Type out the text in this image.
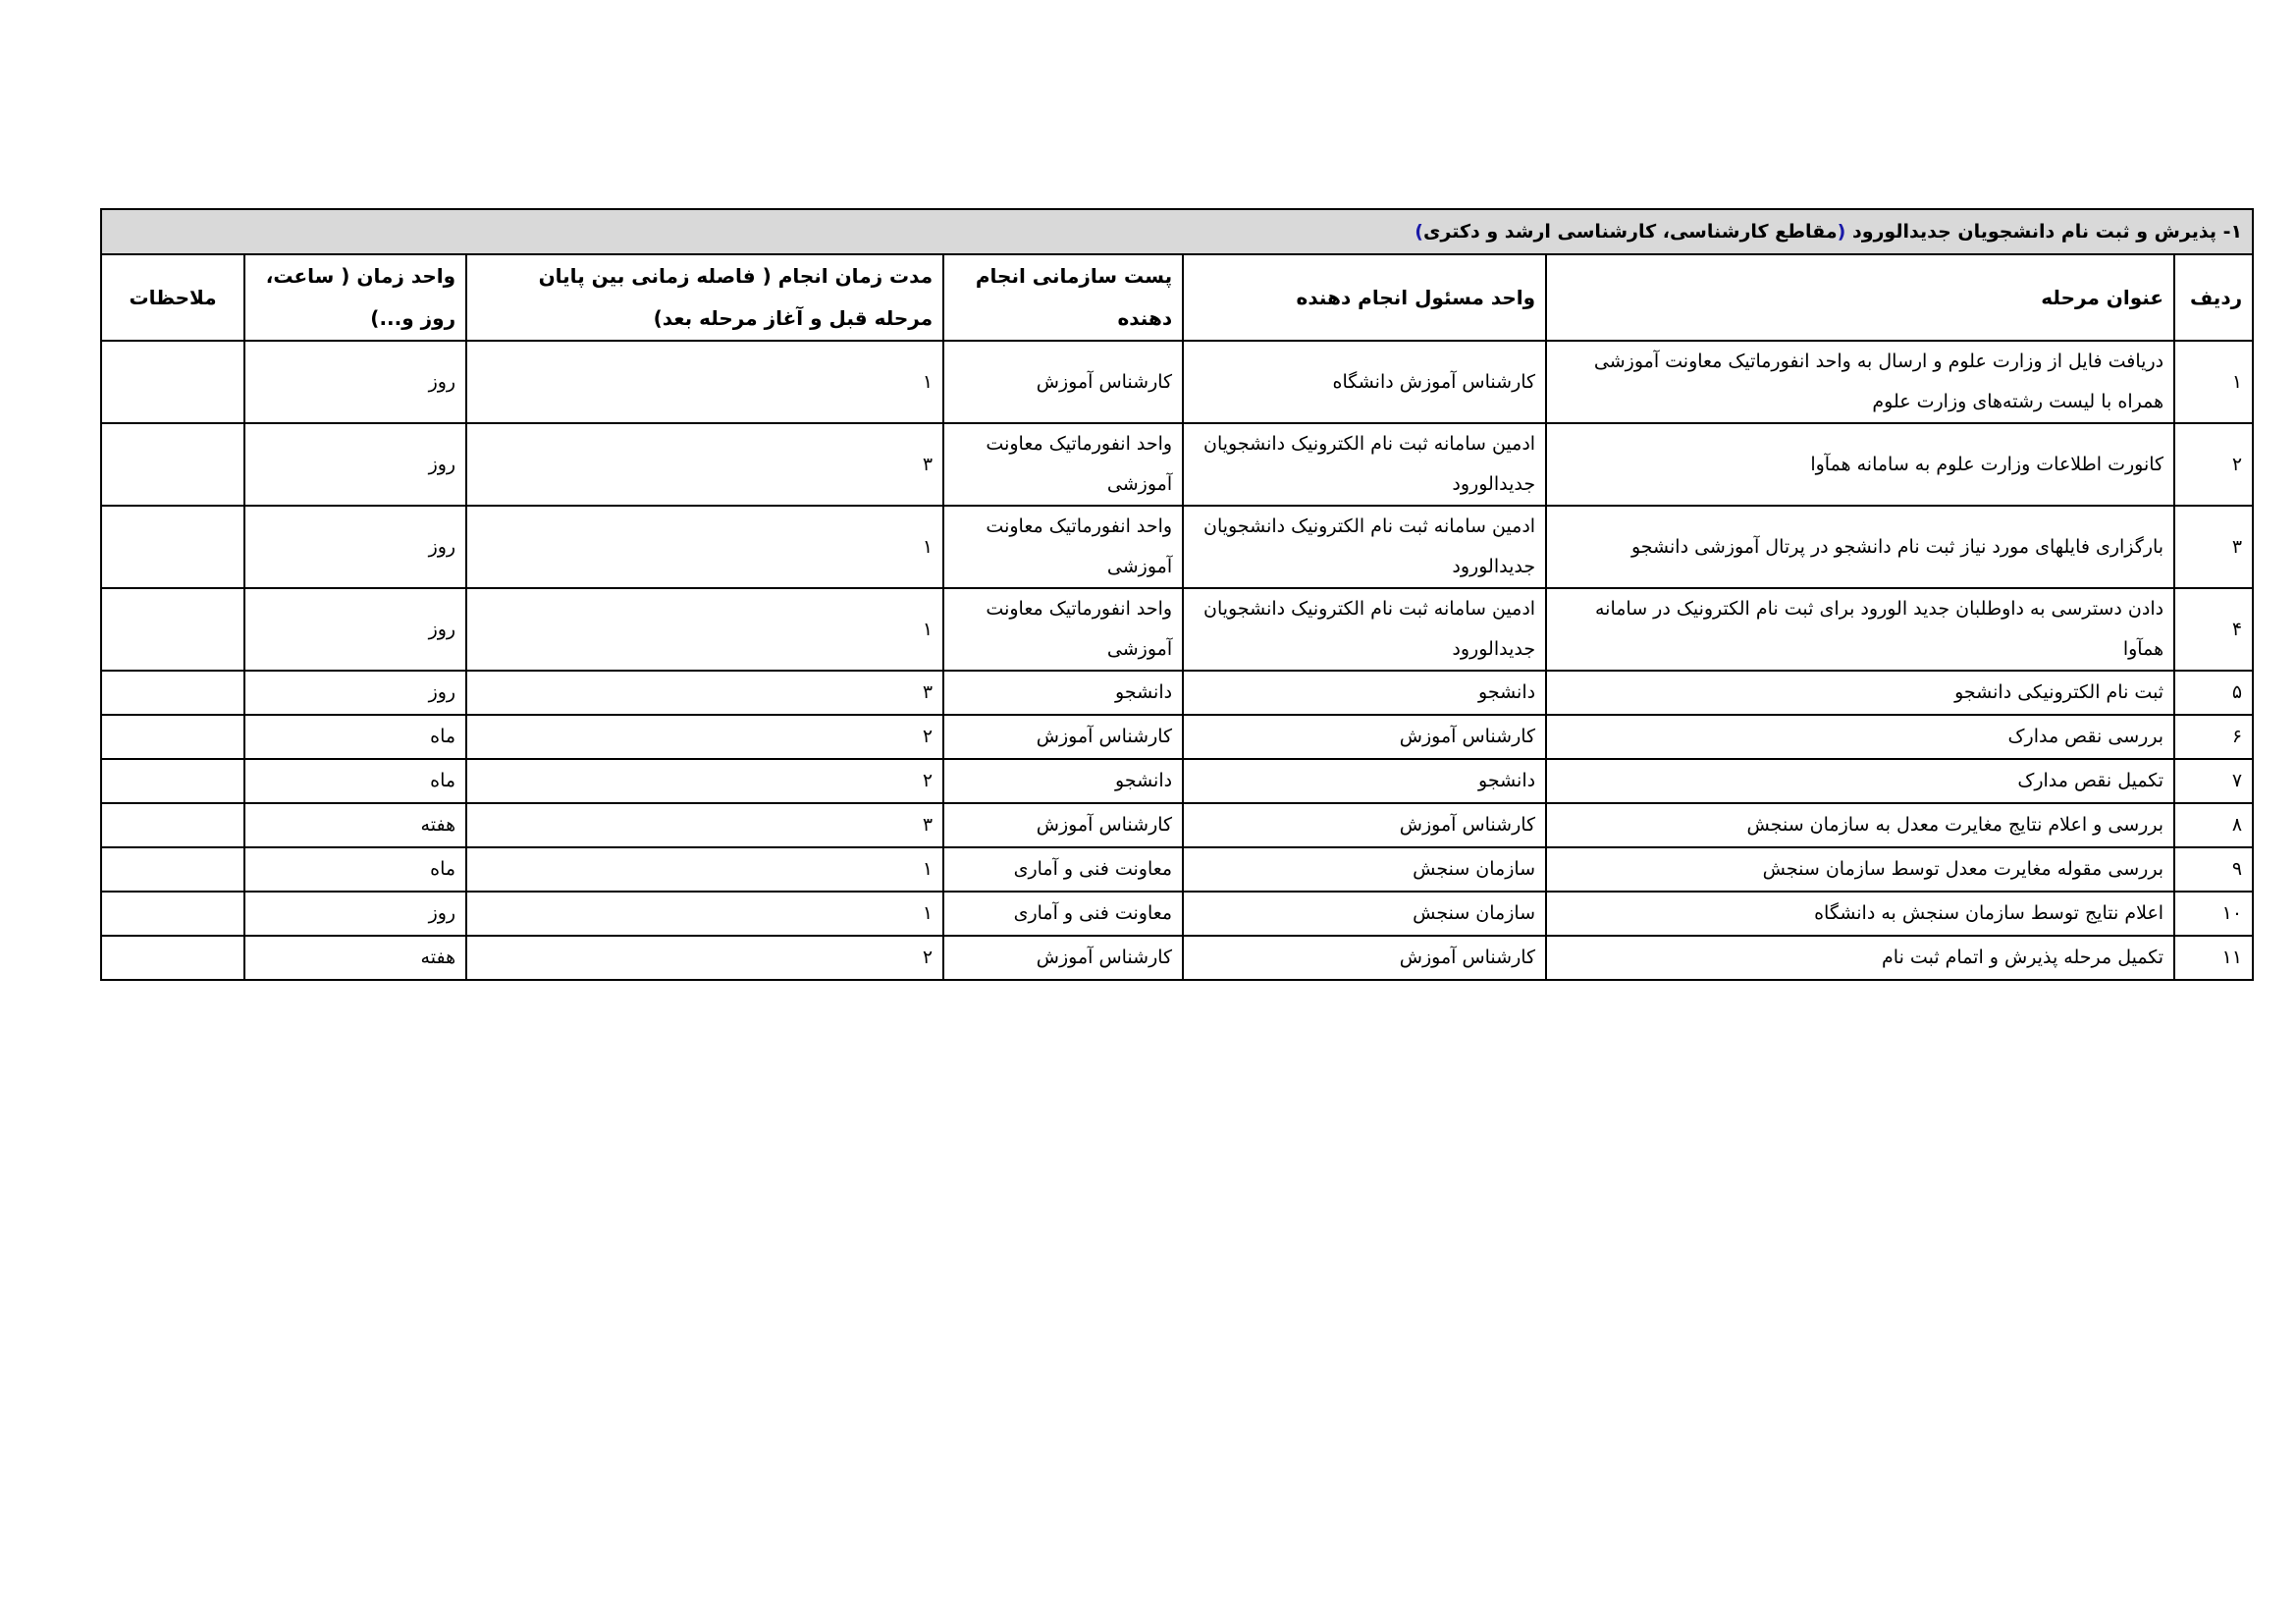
۱- پذیرش و ثبت نام دانشجویان جدیدالورود (مقاطع کارشناسی، کارشناسی ارشد و دکتری)						
ردیف	عنوان مرحله	واحد مسئول انجام دهنده	پست سازمانی انجام دهنده	مدت زمان انجام ( فاصله زمانی بین پایان مرحله قبل و آغاز مرحله بعد)	واحد زمان ( ساعت، روز و...)	ملاحظات
۱	دریافت فایل از وزارت علوم و ارسال به واحد انفورماتیک معاونت آموزشی همراه با لیست رشته‌های وزارت علوم	کارشناس آموزش دانشگاه	کارشناس آموزش	۱	روز	
۲	کانورت اطلاعات وزارت علوم به سامانه همآوا	ادمین سامانه ثبت نام الکترونیک دانشجویان جدیدالورود	واحد انفورماتیک معاونت آموزشی	۳	روز	
۳	بارگزاری فایلهای مورد نیاز ثبت نام دانشجو در پرتال آموزشی دانشجو	ادمین سامانه ثبت نام الکترونیک دانشجویان جدیدالورود	واحد انفورماتیک معاونت آموزشی	۱	روز	
۴	دادن دسترسی به داوطلبان جدید الورود برای ثبت نام الکترونیک در سامانه همآوا	ادمین سامانه ثبت نام الکترونیک دانشجویان جدیدالورود	واحد انفورماتیک معاونت آموزشی	۱	روز	
۵	ثبت نام الکترونیکی دانشجو	دانشجو	دانشجو	۳	روز	
۶	بررسی نقص مدارک	کارشناس آموزش	کارشناس آموزش	۲	ماه	
۷	تکمیل نقص مدارک	دانشجو	دانشجو	۲	ماه	
۸	بررسی و اعلام نتایج مغایرت معدل به سازمان سنجش	کارشناس آموزش	کارشناس آموزش	۳	هفته	
۹	بررسی مقوله مغایرت معدل توسط سازمان سنجش	سازمان سنجش	معاونت فنی و آماری	۱	ماه	
۱۰	اعلام نتایج توسط سازمان سنجش به دانشگاه	سازمان سنجش	معاونت فنی و آماری	۱	روز	
۱۱	تکمیل مرحله پذیرش و اتمام ثبت نام	کارشناس آموزش	کارشناس آموزش	۲	هفته	
